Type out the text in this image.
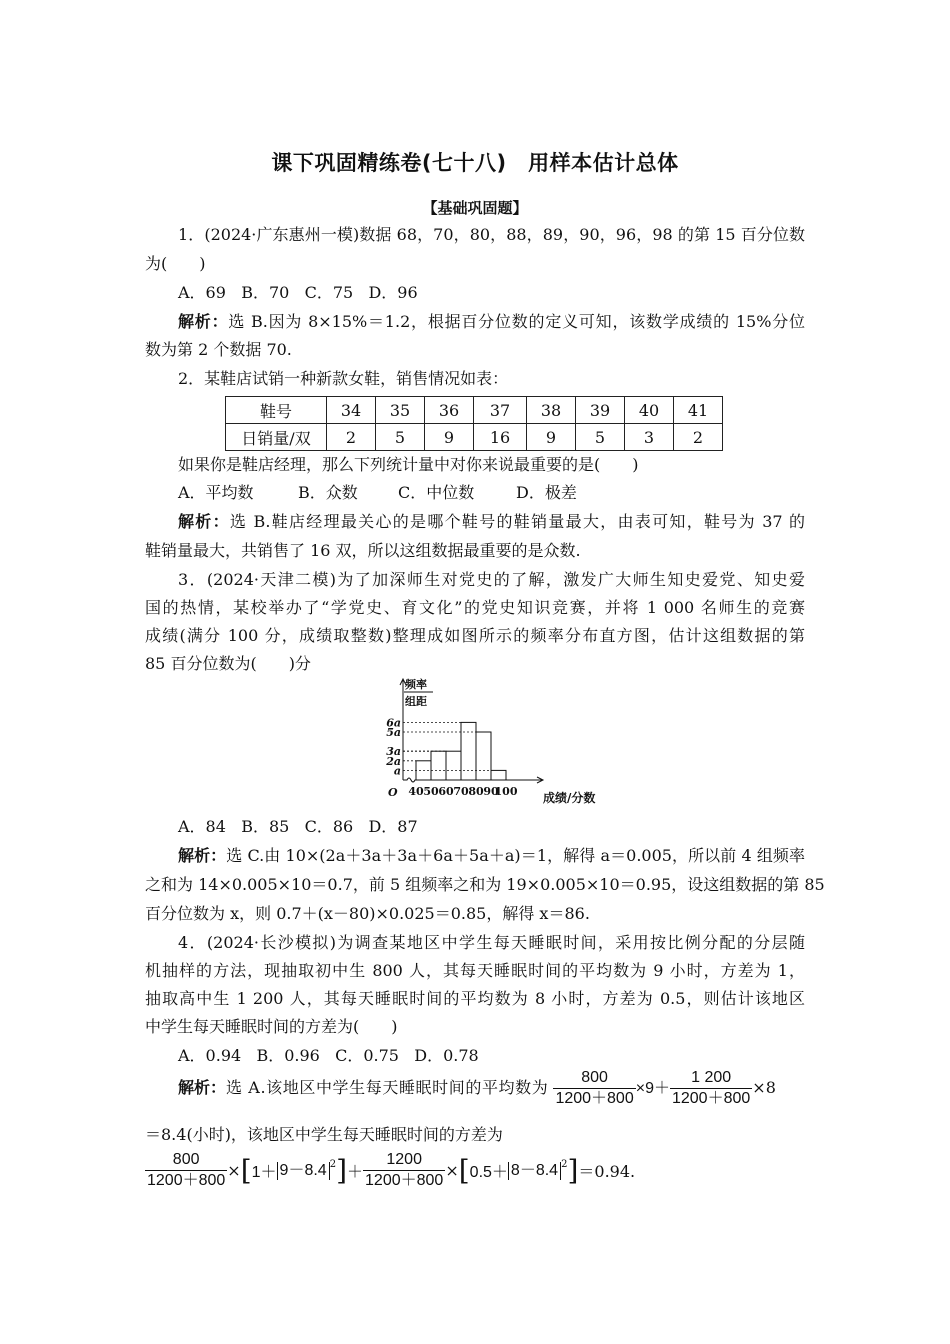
课下巩固精练卷(七十八)　用样本估计总体
【基础巩固题】
1．(2024·广东惠州一模)数据 68，70，80，88，89，90，96，98 的第 15 百分位数
为(　　)
A．69 B．70 C．75 D．96
解析：选 B.因为 8×15%＝1.2，根据百分位数的定义可知，该数学成绩的 15%分位
数为第 2 个数据 70.
2．某鞋店试销一种新款女鞋，销售情况如表：
鞋号	34	35	36	37	38	39	40	41
日销量/双	2	5	9	16	9	5	3	2
如果你是鞋店经理，那么下列统计量中对你来说最重要的是(　　)
A．平均数	B．众数	C．中位数	D．极差
解析：选 B.鞋店经理最关心的是哪个鞋号的鞋销量最大，由表可知，鞋号为 37 的
鞋销量最大，共销售了 16 双，所以这组数据最重要的是众数.
3．(2024·天津二模)为了加深师生对党史的了解，激发广大师生知史爱党、知史爱
国的热情，某校举办了“学党史、育文化”的党史知识竞赛，并将 1 000 名师生的竞赛
成绩(满分 100 分，成绩取整数)整理成如图所示的频率分布直方图，估计这组数据的第
85 百分位数为(　　)分
频率
组距
成绩/分数
O
a
2a
3a
5a
6a
40 50 60 70 80 90
100
A．84 B．85 C．86 D．87
解析：选 C.由 10×(2a＋3a＋3a＋6a＋5a＋a)＝1，解得 a＝0.005，所以前 4 组频率
之和为 14×0.005×10＝0.7，前 5 组频率之和为 19×0.005×10＝0.95，设这组数据的第 85
百分位数为 x，则 0.7＋(x－80)×0.025＝0.85，解得 x＝86.
4．(2024·长沙模拟)为调查某地区中学生每天睡眠时间，采用按比例分配的分层随
机抽样的方法，现抽取初中生 800 人，其每天睡眠时间的平均数为 9 小时，方差为 1，
抽取高中生 1 200 人，其每天睡眠时间的平均数为 8 小时，方差为 0.5，则估计该地区
中学生每天睡眠时间的方差为(　　)
A．0.94 B．0.96 C．0.75 D．0.78
解析：选 A.该地区中学生每天睡眠时间的平均数为 $\frac{800}{1200+800} \times 9+ \frac{1 200}{1200+800} \times 8$
＝8.4(小时)，该地区中学生每天睡眠时间的方差为
$\frac{800}{1200+800} \times[1+ 9-8.4$ $^2]+ \frac{1200}{1200+800} \times[0.5+ 8-8.4$ $^2$]＝0.94.
